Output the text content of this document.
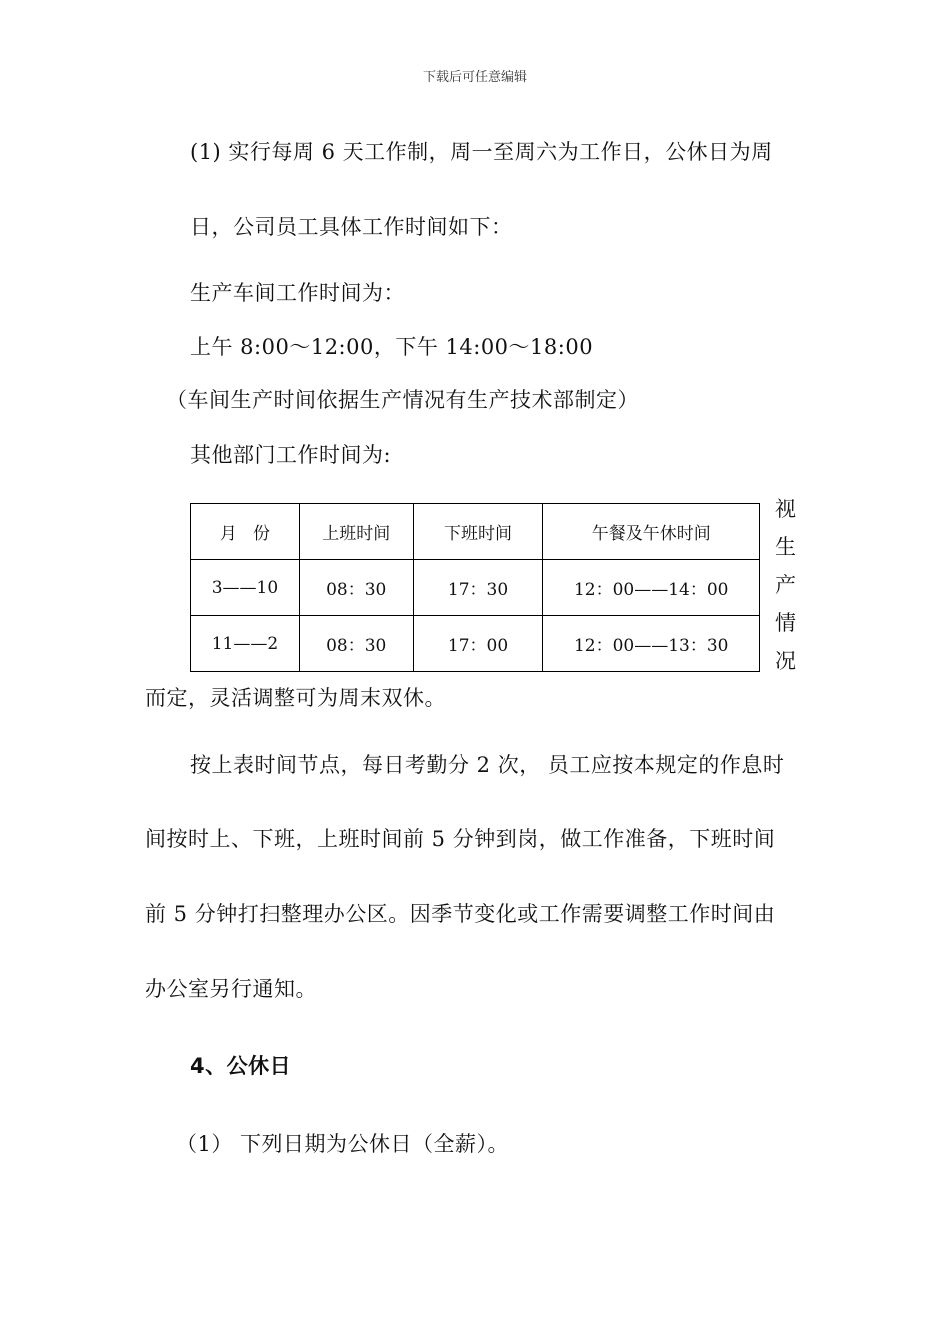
下载后可任意编辑
(1) 实行每周 6 天工作制，周一至周六为工作日，公休日为周
日，公司员工具体工作时间如下：
生产车间工作时间为：
上午 8:00～12:00，下午 14:00～18:00
（车间生产时间依据生产情况有生产技术部制定）
其他部门工作时间为:
月   份	上班时间	下班时间	午餐及午休时间
3——10	08：30	17：30	12：00——14：00
11——2	08：30	17：00	12：00——13：30
视
生
产
情
况
而定，灵活调整可为周末双休。
按上表时间节点，每日考勤分 2 次， 员工应按本规定的作息时
间按时上、下班，上班时间前 5 分钟到岗，做工作准备，下班时间
前 5 分钟打扫整理办公区。因季节变化或工作需要调整工作时间由
办公室另行通知。
4、公休日
（1） 下列日期为公休日（全薪）。
